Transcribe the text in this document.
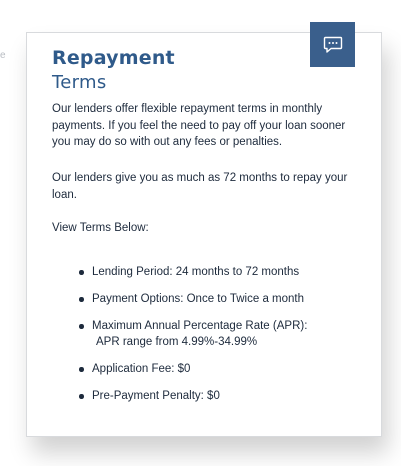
e Repayment
Terms

Our lenders offer flexible repayment terms in monthly payments. If you feel the need to pay off your loan sooner you may do so with out any fees or penalties.

Our lenders give you as much as 72 months to repay your loan.

View Terms Below:

Lending Period: 24 months to 72 months
Payment Options: Once to Twice a month
Maximum Annual Percentage Rate (APR):
APR range from 4.99%-34.99%
Application Fee: $0
Pre-Payment Penalty: $0
